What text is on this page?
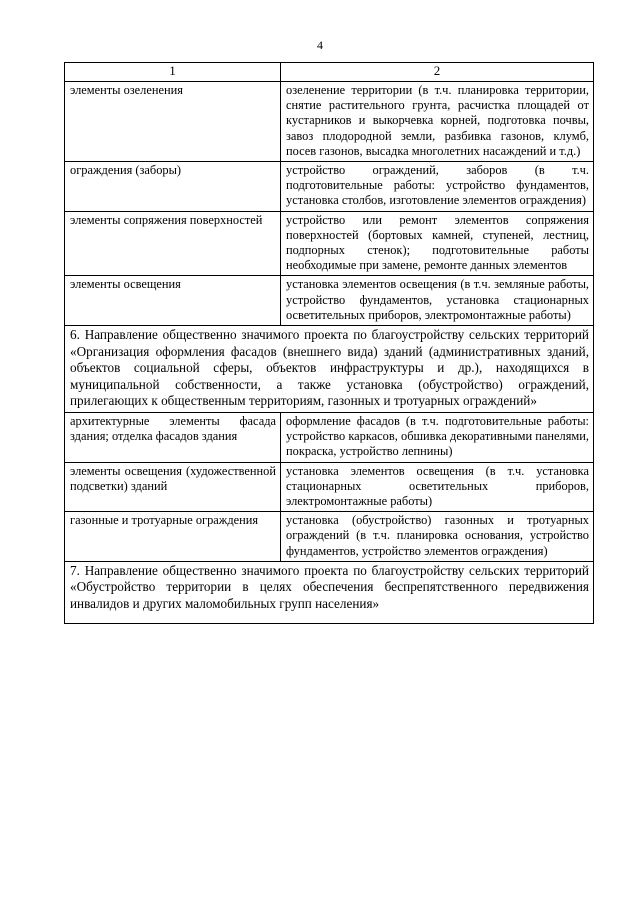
4
1	2

элементы озеленения	озеленение территории (в т.ч. планировка территории, снятие растительного грунта, расчистка площадей от кустарников и выкорчевка корней, подготовка почвы, завоз плодородной земли, разбивка газонов, клумб, посев газонов, высадка многолетних насаждений и т.д.)

ограждения (заборы)	устройство ограждений, заборов (в т.ч. подготовительные работы: устройство фундаментов, установка столбов, изготовление элементов ограждения)

элементы сопряжения поверхностей	устройство или ремонт элементов сопряжения поверхностей (бортовых камней, ступеней, лестниц, подпорных стенок); подготовительные работы необходимые при замене, ремонте данных элементов

элементы освещения	установка элементов освещения (в т.ч. земляные работы, устройство фундаментов, установка стационарных осветительных приборов, электромонтажные работы)

6. Направление общественно значимого проекта по благоустройству сельских территорий «Организация оформления фасадов (внешнего вида) зданий (административных зданий, объектов социальной сферы, объектов инфраструктуры и др.), находящихся в муниципальной собственности, а также установка (обустройство) ограждений, прилегающих к общественным территориям, газонных и тротуарных ограждений»	

архитектурные элементы фасада здания; отделка фасадов здания	оформление фасадов (в т.ч. подготовительные работы: устройство каркасов, обшивка декоративными панелями, покраска, устройство лепнины)

элементы освещения (художественной подсветки) зданий	установка элементов освещения (в т.ч. установка стационарных осветительных приборов, электромонтажные работы)

газонные и тротуарные ограждения	установка (обустройство) газонных и тротуарных ограждений (в т.ч. планировка основания, устройство фундаментов, устройство элементов ограждения)

7. Направление общественно значимого проекта по благоустройству сельских территорий «Обустройство территории в целях обеспечения беспрепятственного передвижения инвалидов и других маломобильных групп населения»	
